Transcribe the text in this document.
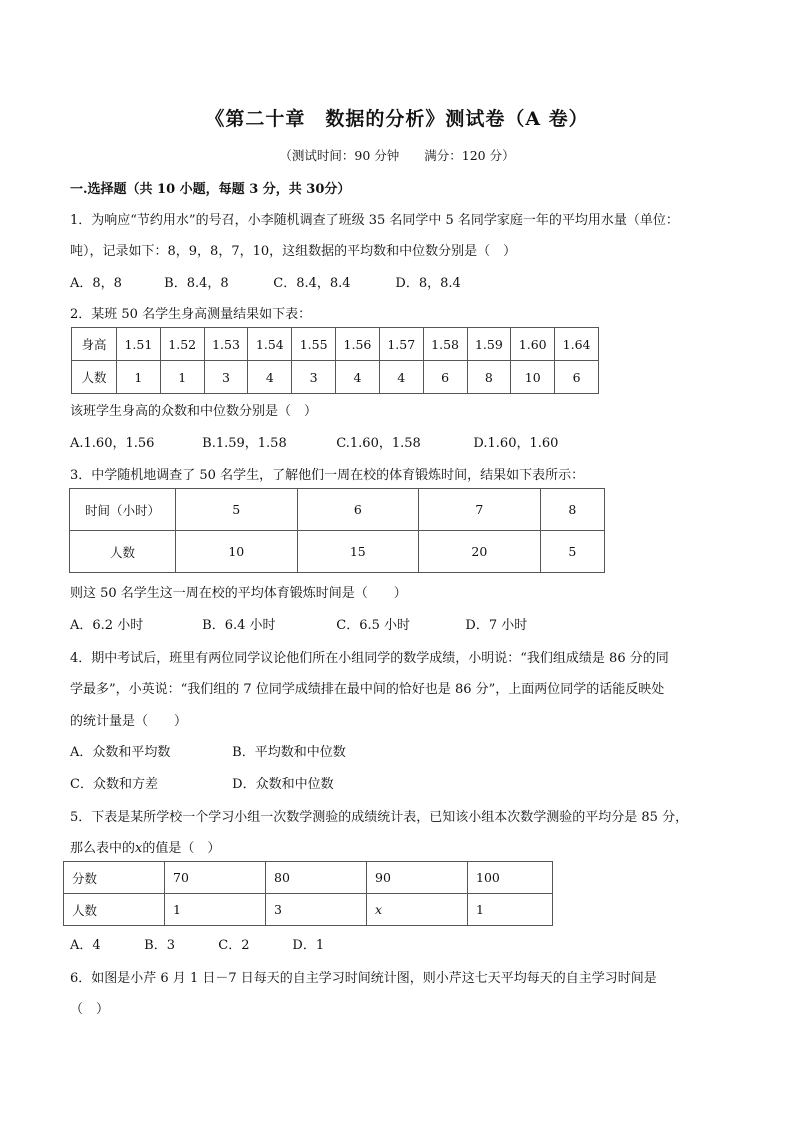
《第二十章　数据的分析》测试卷（A 卷）
（测试时间：90 分钟　　满分：120 分）
一.选择题（共 10 小题，每题 3 分，共 30分）
1．为响应“节约用水”的号召，小李随机调查了班级 35 名同学中 5 名同学家庭一年的平均用水量（单位：
吨），记录如下：8，9，8，7，10，这组数据的平均数和中位数分别是（　）
A．8，8	B．8.4，8	C．8.4，8.4	D．8，8.4
2．某班 50 名学生身高测量结果如下表：
身高	1.51	1.52	1.53	1.54	1.55	1.56	1.57	1.58	1.59	1.60	1.64
人数	1	1	3	4	3	4	4	6	8	10	6
该班学生身高的众数和中位数分别是（　）
A.1.60，1.56	B.1.59，1.58	C.1.60，1.58	D.1.60，1.60
3．中学随机地调查了 50 名学生，了解他们一周在校的体育锻炼时间，结果如下表所示：
时间（小时）	5	6	7	8
人数	10	15	20	5
则这 50 名学生这一周在校的平均体育锻炼时间是（　　）
A．6.2 小时	B．6.4 小时	C．6.5 小时	D．7 小时
4．期中考试后，班里有两位同学议论他们所在小组同学的数学成绩，小明说：“我们组成绩是 86 分的同
学最多”，小英说：“我们组的 7 位同学成绩排在最中间的恰好也是 86 分”，上面两位同学的话能反映处
的统计量是（　　）
A．众数和平均数	B．平均数和中位数
C．众数和方差	D．众数和中位数
5．下表是某所学校一个学习小组一次数学测验的成绩统计表，已知该小组本次数学测验的平均分是 85 分，
那么表中的x的值是（　）
分数	70	80	90	100
人数	1	3	x	1
A．4	B．3	C．2	D．1
6．如图是小芹 6 月 1 日－7 日每天的自主学习时间统计图，则小芹这七天平均每天的自主学习时间是
（　）
